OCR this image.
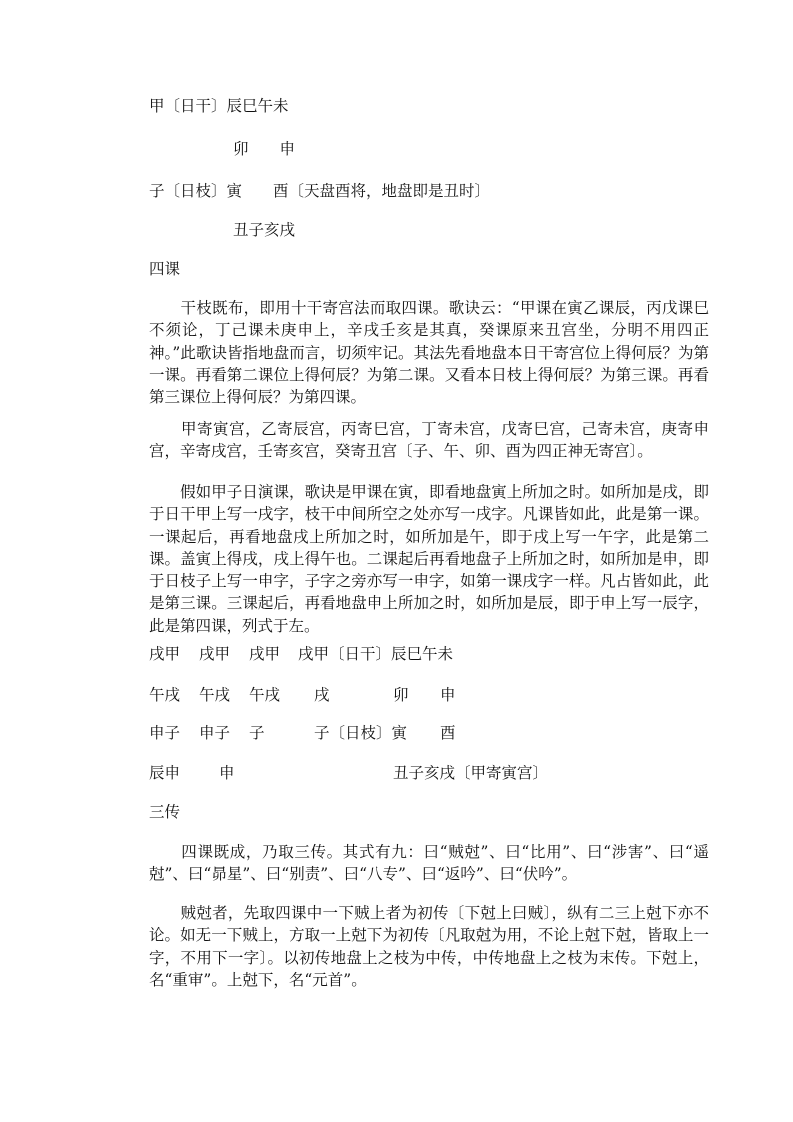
甲〔日干〕辰巳午未
卯　　申
子〔日枝〕寅　　酉〔天盘酉将，地盘即是丑时〕
丑子亥戌
四课
　　干枝既布，即用十干寄宫法而取四课。歌诀云：“甲课在寅乙课辰，丙戊课巳不须论，丁己课未庚申上，辛戌壬亥是其真，癸课原来丑宫坐，分明不用四正神。”此歌诀皆指地盘而言，切须牢记。其法先看地盘本日干寄宫位上得何辰？为第一课。再看第二课位上得何辰？为第二课。又看本日枝上得何辰？为第三课。再看第三课位上得何辰？为第四课。
　　甲寄寅宫，乙寄辰宫，丙寄巳宫，丁寄未宫，戊寄巳宫，己寄未宫，庚寄申宫，辛寄戌宫，壬寄亥宫，癸寄丑宫〔子、午、卯、酉为四正神无寄宫〕。
　　假如甲子日演课，歌诀是甲课在寅，即看地盘寅上所加之时。如所加是戌，即于日干甲上写一戌字，枝干中间所空之处亦写一戌字。凡课皆如此，此是第一课。一课起后，再看地盘戌上所加之时，如所加是午，即于戌上写一午字，此是第二课。盖寅上得戌，戌上得午也。二课起后再看地盘子上所加之时，如所加是申，即于日枝子上写一申字，子字之旁亦写一申字，如第一课戌字一样。凡占皆如此，此是第三课。三课起后，再看地盘申上所加之时，如所加是辰，即于申上写一辰字，此是第四课，列式于左。
戌甲 戌甲 戌甲 戌甲〔日干〕辰巳午未
午戌 午戌 午戌 戌	卯 申
申子 申子 子	子〔日枝〕寅 酉
辰申	申	丑子亥戌〔甲寄寅宫〕
三传
　　四课既成，乃取三传。其式有九：曰“贼尅”、曰“比用”、曰“涉害”、曰“遥尅”、曰“昴星”、曰“别责”、曰“八专”、曰“返吟”、曰“伏吟”。
　　贼尅者，先取四课中一下贼上者为初传〔下尅上曰贼〕，纵有二三上尅下亦不论。如无一下贼上，方取一上尅下为初传〔凡取尅为用，不论上尅下尅，皆取上一字，不用下一字〕。以初传地盘上之枝为中传，中传地盘上之枝为末传。下尅上，名“重审”。上尅下，名“元首”。
